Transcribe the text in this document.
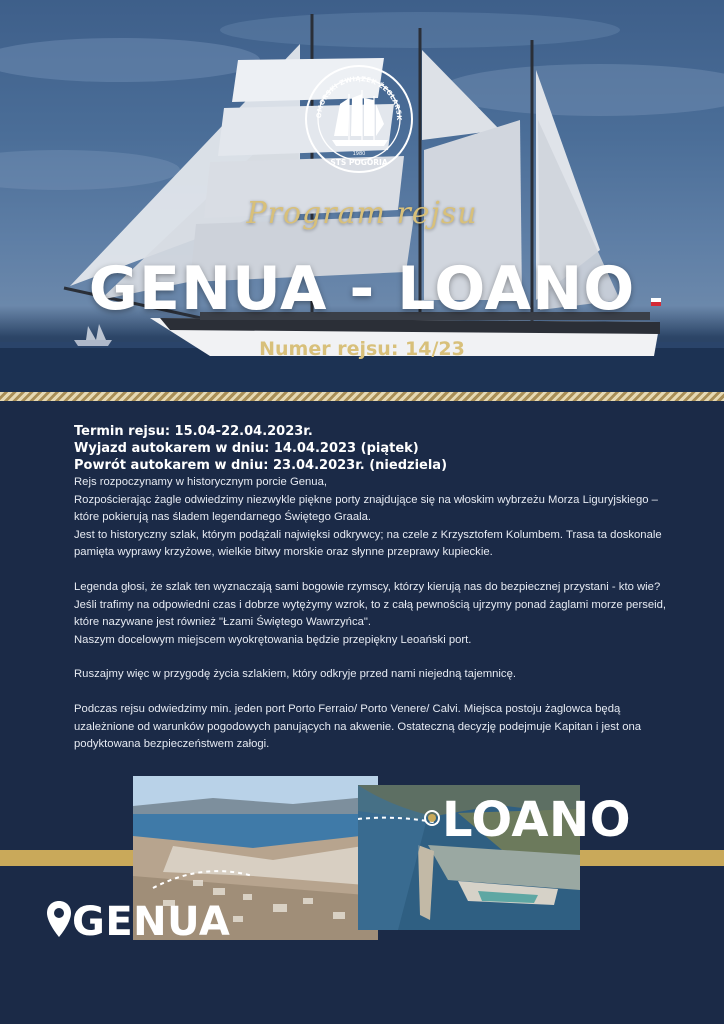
OMORSKI ZWIĄZEK ŻEGLARSK
1980
STS POGORIA
Program rejsu
GENUA - LOANO
Numer rejsu: 14/23
Termin rejsu: 15.04-22.04.2023r.
Wyjazd autokarem w dniu: 14.04.2023 (piątek)
Powrót autokarem w dniu: 23.04.2023r. (niedziela)
Rejs rozpoczynamy w historycznym porcie Genua,
Rozpościerając żagle odwiedzimy niezwykle piękne porty znajdujące się na włoskim wybrzeżu Morza Liguryjskiego – które pokierują nas śladem legendarnego Świętego Graala.
Jest to historyczny szlak, którym podążali najwięksi odkrywcy; na czele z Krzysztofem Kolumbem. Trasa ta doskonale pamięta wyprawy krzyżowe, wielkie bitwy morskie oraz słynne przeprawy kupieckie.
Legenda głosi, że szlak ten wyznaczają sami bogowie rzymscy, którzy kierują nas do bezpiecznej przystani - kto wie?
Jeśli trafimy na odpowiedni czas i dobrze wytężymy wzrok, to z całą pewnością ujrzymy ponad żaglami morze perseid, które nazywane jest również "Łzami Świętego Wawrzyńca".
Naszym docelowym miejscem wyokrętowania będzie przepiękny Leoański port.
Ruszajmy więc w przygodę życia szlakiem, który odkryje przed nami niejedną tajemnicę.
Podczas rejsu odwiedzimy min. jeden port Porto Ferraio/ Porto Venere/ Calvi. Miejsca postoju żaglowca będą uzależnione od warunków pogodowych panujących na akwenie. Ostateczną decyzję podejmuje Kapitan i jest ona podyktowana bezpieczeństwem załogi.
LOANO
GENUA
